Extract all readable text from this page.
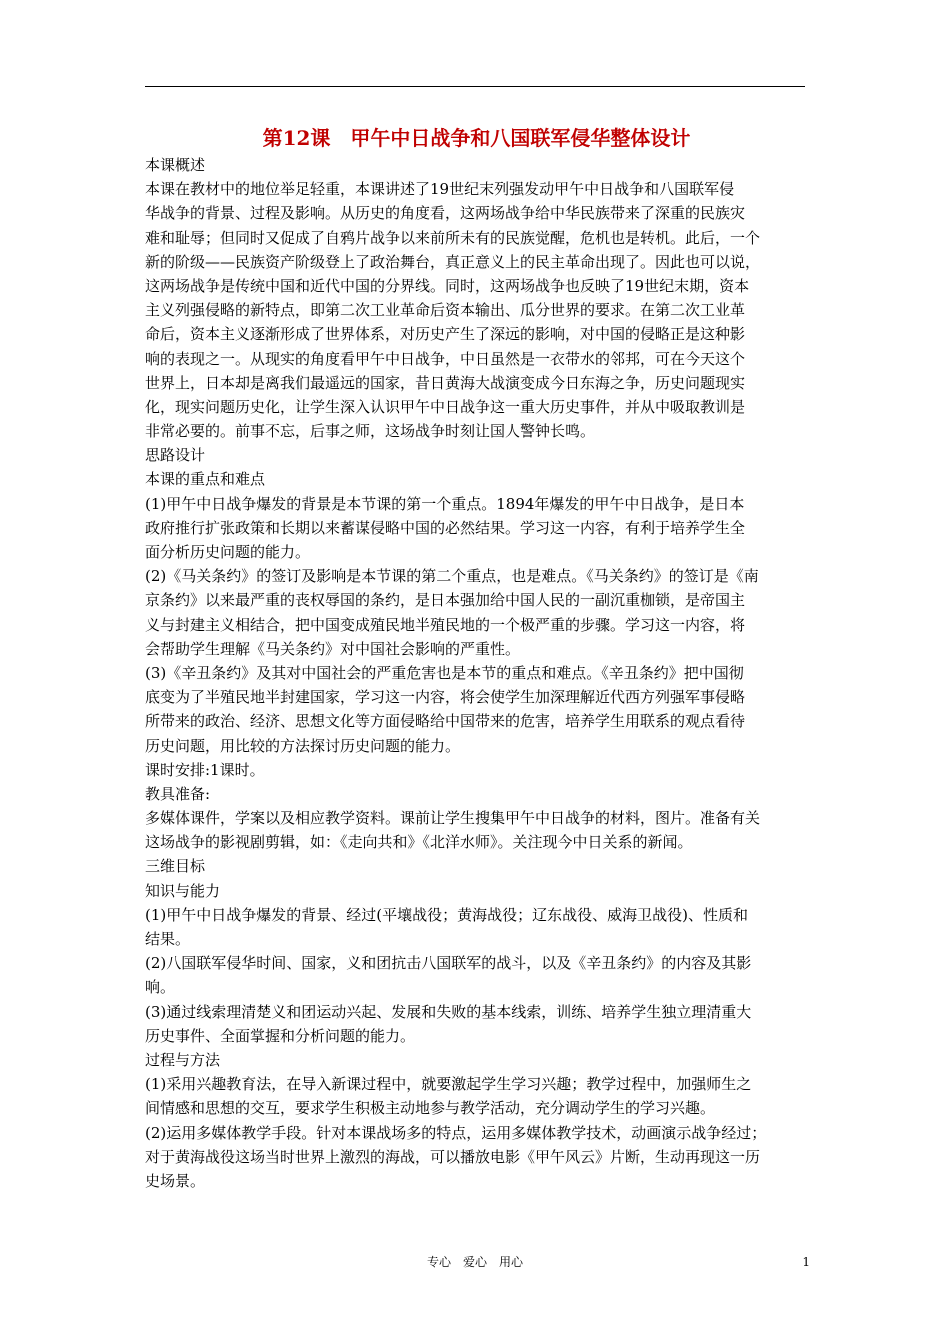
第12课　甲午中日战争和八国联军侵华整体设计
本课概述
本课在教材中的地位举足轻重，本课讲述了19世纪末列强发动甲午中日战争和八国联军侵
华战争的背景、过程及影响。从历史的角度看，这两场战争给中华民族带来了深重的民族灾
难和耻辱；但同时又促成了自鸦片战争以来前所未有的民族觉醒，危机也是转机。此后，一个
新的阶级——民族资产阶级登上了政治舞台，真正意义上的民主革命出现了。因此也可以说，
这两场战争是传统中国和近代中国的分界线。同时，这两场战争也反映了19世纪末期，资本
主义列强侵略的新特点，即第二次工业革命后资本输出、瓜分世界的要求。在第二次工业革
命后，资本主义逐渐形成了世界体系，对历史产生了深远的影响，对中国的侵略正是这种影
响的表现之一。从现实的角度看甲午中日战争，中日虽然是一衣带水的邻邦，可在今天这个
世界上，日本却是离我们最遥远的国家，昔日黄海大战演变成今日东海之争，历史问题现实
化，现实问题历史化，让学生深入认识甲午中日战争这一重大历史事件，并从中吸取教训是
非常必要的。前事不忘，后事之师，这场战争时刻让国人警钟长鸣。
思路设计
本课的重点和难点
(1)甲午中日战争爆发的背景是本节课的第一个重点。1894年爆发的甲午中日战争，是日本
政府推行扩张政策和长期以来蓄谋侵略中国的必然结果。学习这一内容，有利于培养学生全
面分析历史问题的能力。
(2)《马关条约》的签订及影响是本节课的第二个重点，也是难点。《马关条约》的签订是《南
京条约》以来最严重的丧权辱国的条约，是日本强加给中国人民的一副沉重枷锁，是帝国主
义与封建主义相结合，把中国变成殖民地半殖民地的一个极严重的步骤。学习这一内容，将
会帮助学生理解《马关条约》对中国社会影响的严重性。
(3)《辛丑条约》及其对中国社会的严重危害也是本节的重点和难点。《辛丑条约》把中国彻
底变为了半殖民地半封建国家，学习这一内容，将会使学生加深理解近代西方列强军事侵略
所带来的政治、经济、思想文化等方面侵略给中国带来的危害，培养学生用联系的观点看待
历史问题，用比较的方法探讨历史问题的能力。
课时安排:1课时。
教具准备:
多媒体课件，学案以及相应教学资料。课前让学生搜集甲午中日战争的材料，图片。准备有关
这场战争的影视剧剪辑，如：《走向共和》《北洋水师》。关注现今中日关系的新闻。
三维目标
知识与能力
(1)甲午中日战争爆发的背景、经过(平壤战役；黄海战役；辽东战役、威海卫战役)、性质和
结果。
(2)八国联军侵华时间、国家，义和团抗击八国联军的战斗，以及《辛丑条约》的内容及其影
响。
(3)通过线索理清楚义和团运动兴起、发展和失败的基本线索，训练、培养学生独立理清重大
历史事件、全面掌握和分析问题的能力。
过程与方法
(1)采用兴趣教育法，在导入新课过程中，就要激起学生学习兴趣；教学过程中，加强师生之
间情感和思想的交互，要求学生积极主动地参与教学活动，充分调动学生的学习兴趣。
(2)运用多媒体教学手段。针对本课战场多的特点，运用多媒体教学技术，动画演示战争经过；
对于黄海战役这场当时世界上激烈的海战，可以播放电影《甲午风云》片断，生动再现这一历
史场景。
专心　爱心　用心	1
